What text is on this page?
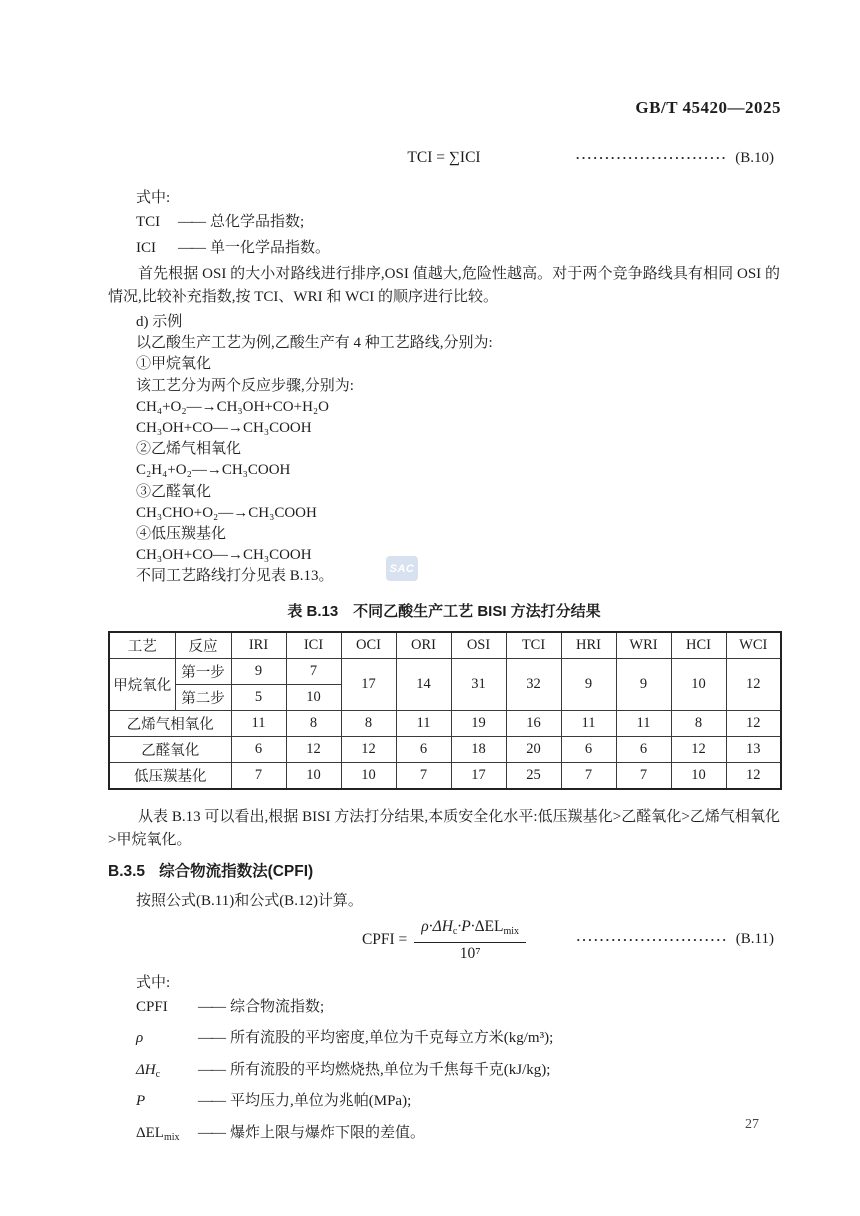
GB/T 45420—2025
SAC
TCI = ∑ICI	·························· (B.10)
式中:
TCI	—— 总化学品指数;
ICI	—— 单一化学品指数。

首先根据 OSI 的大小对路线进行排序,OSI 值越大,危险性越高。对于两个竞争路线具有相同 OSI 的情况,比较补充指数,按 TCI、WRI 和 WCI 的顺序进行比较。

d) 示例
以乙酸生产工艺为例,乙酸生产有 4 种工艺路线,分别为:
①甲烷氧化
该工艺分为两个反应步骤,分别为:
CH₄+O₂—→CH₃OH+CO+H₂O
CH₃OH+CO—→CH₃COOH
②乙烯气相氧化
C₂H₄+O₂—→CH₃COOH
③乙醛氧化
CH₃CHO+O₂—→CH₃COOH
④低压羰基化
CH₃OH+CO—→CH₃COOH
不同工艺路线打分见表 B.13。
表 B.13　不同乙酸生产工艺 BISI 方法打分结果
工艺	反应	IRI	ICI	OCI	ORI	OSI	TCI	HRI	WRI	HCI	WCI
甲烷氧化	第一步	9	7	17	14	31	32	9	9	10	12
	第二步	5	10								
乙烯气相氧化		11	8	8	11	19	16	11	11	8	12
乙醛氧化		6	12	12	6	18	20	6	6	12	13
低压羰基化		7	10	10	7	17	25	7	7	10	12

从表 B.13 可以看出,根据 BISI 方法打分结果,本质安全化水平:低压羰基化>乙醛氧化>乙烯气相氧化>甲烷氧化。

B.3.5 综合物流指数法(CPFI)
按照公式(B.11)和公式(B.12)计算。
CPFI = $\frac{\rho\cdot\Delta H_c\cdot P\cdot\Delta EL_{mix}}{\text{10⁷}}$	·························· (B.11)
式中:
CPFI	—— 综合物流指数;
ρ	—— 所有流股的平均密度,单位为千克每立方米(kg/m³);
$\Delta H_c$	—— 所有流股的平均燃烧热,单位为千焦每千克(kJ/kg);
P	—— 平均压力,单位为兆帕(MPa);
$\Delta EL_{mix}$	—— 爆炸上限与爆炸下限的差值。
27
